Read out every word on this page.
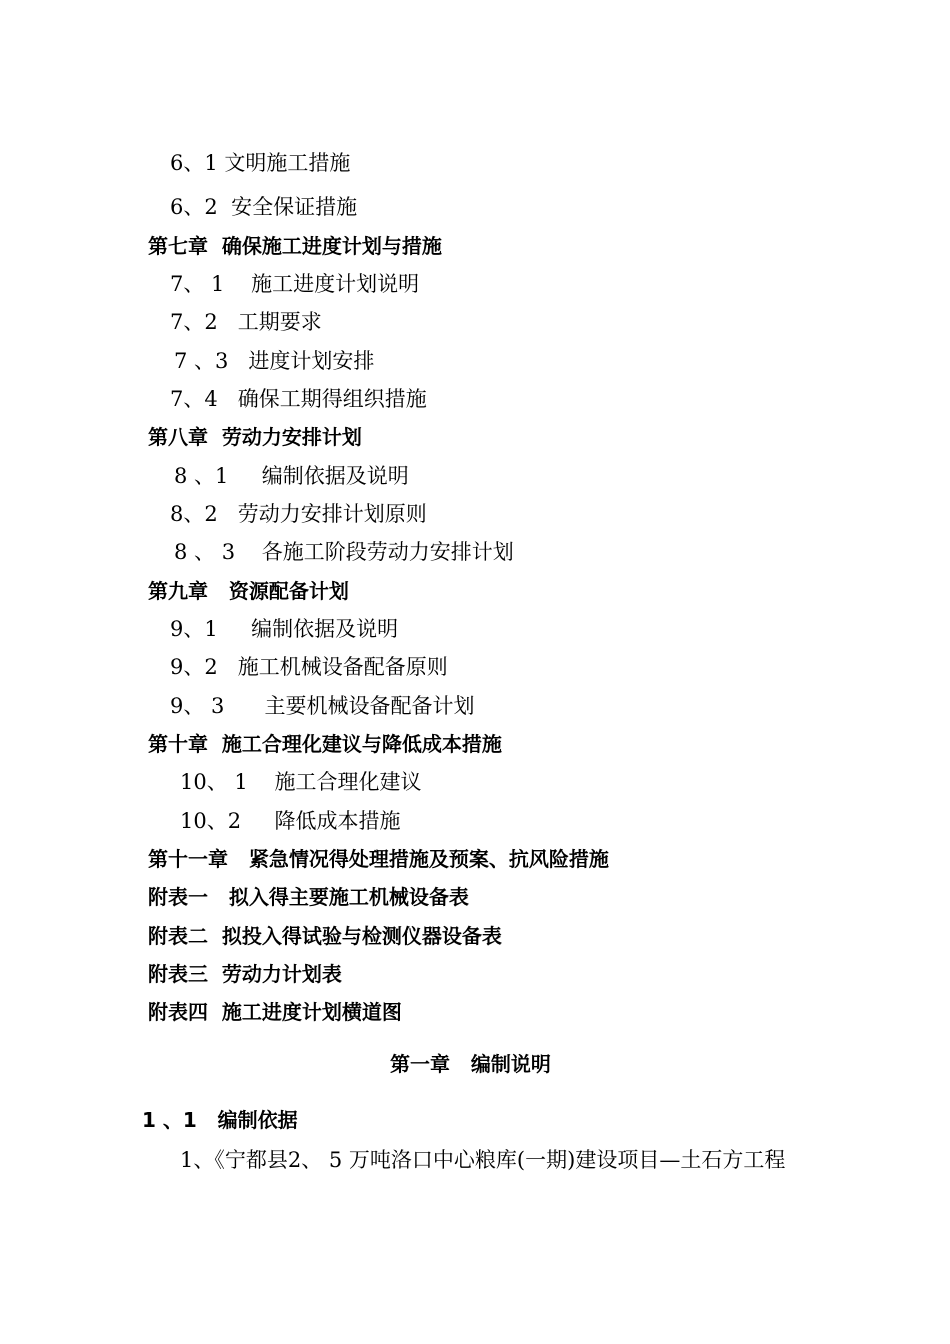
6、1 文明施工措施
6、2  安全保证措施
第七章  确保施工进度计划与措施
7、 1    施工进度计划说明
7、2   工期要求
7 、3   进度计划安排
7、4   确保工期得组织措施
第八章  劳动力安排计划
8 、1     编制依据及说明
8、2   劳动力安排计划原则
8 、 3    各施工阶段劳动力安排计划
第九章   资源配备计划
9、1     编制依据及说明
9、2   施工机械设备配备原则
9、 3      主要机械设备配备计划
第十章  施工合理化建议与降低成本措施
10、 1    施工合理化建议
10、2     降低成本措施
第十一章   紧急情况得处理措施及预案、抗风险措施
附表一   拟入得主要施工机械设备表
附表二  拟投入得试验与检测仪器设备表
附表三  劳动力计划表
附表四  施工进度计划横道图
第一章   编制说明
1 、1   编制依据
1、《宁都县2、 5 万吨洛口中心粮库(一期)建设项目—土石方工程
